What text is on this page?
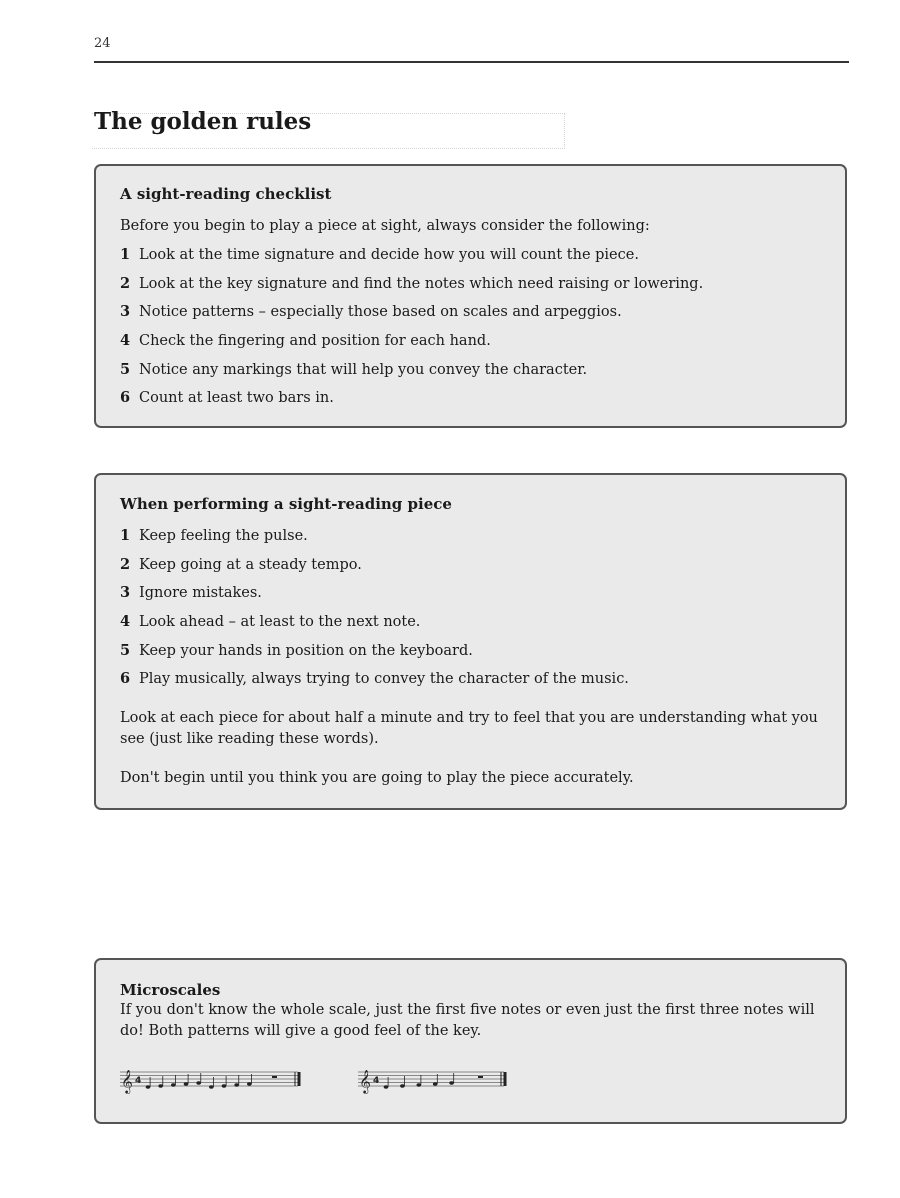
24
The golden rules
A sight-reading checklist

Before you begin to play a piece at sight, always consider the following:

1 Look at the time signature and decide how you will count the piece.
2 Look at the key signature and find the notes which need raising or lowering.
3 Notice patterns – especially those based on scales and arpeggios.
4 Check the fingering and position for each hand.
5 Notice any markings that will help you convey the character.
6 Count at least two bars in.
When performing a sight-reading piece
1 Keep feeling the pulse.
2 Keep going at a steady tempo.
3 Ignore mistakes.
4 Look ahead – at least to the next note.
5 Keep your hands in position on the keyboard.
6 Play musically, always trying to convey the character of the music.

Look at each piece for about half a minute and try to feel that you are understanding what you see (just like reading these words).

Don't begin until you think you are going to play the piece accurately.

Microscales

If you don't know the whole scale, just the first five notes or even just the first three notes will do! Both patterns will give a good feel of the key.

𝄞 4	𝄞 4
